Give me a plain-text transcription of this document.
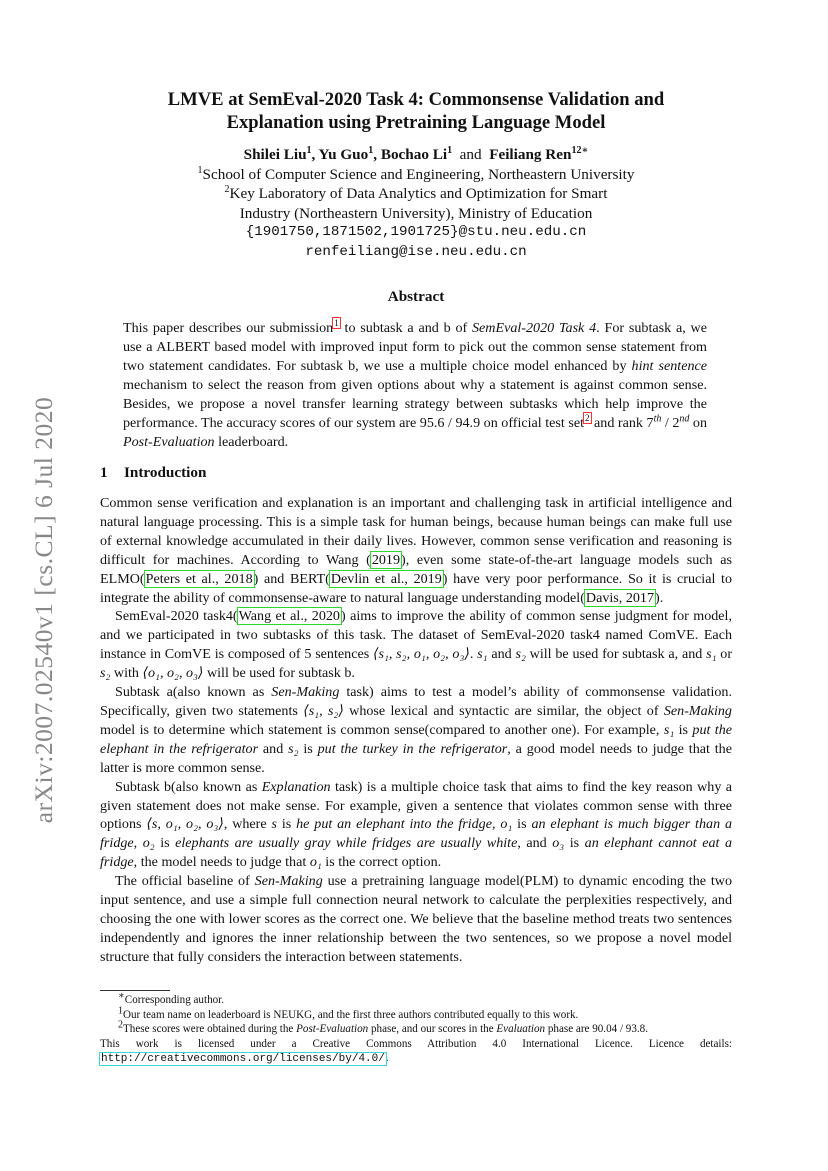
arXiv:2007.02540v1 [cs.CL] 6 Jul 2020
LMVE at SemEval-2020 Task 4: Commonsense Validation and
Explanation using Pretraining Language Model
Shilei Liu$^1$, Yu Guo$^1$, Bochao Li$^1$ and Feiliang Ren$^{12∗}$
$^1$School of Computer Science and Engineering, Northeastern University
$^2$Key Laboratory of Data Analytics and Optimization for Smart
Industry (Northeastern University), Ministry of Education
{1901750,1871502,1901725}@stu.neu.edu.cn
renfeiliang@ise.neu.edu.cn
Abstract
This paper describes our submission$^1$ to subtask a and b of SemEval-2020 Task 4. For subtask a, we use a ALBERT based model with improved input form to pick out the common sense statement from two statement candidates. For subtask b, we use a multiple choice model enhanced by hint sentence mechanism to select the reason from given options about why a statement is against common sense. Besides, we propose a novel transfer learning strategy between subtasks which help improve the performance. The accuracy scores of our system are 95.6 / 94.9 on official test set$^2$ and rank 7th / 2nd on Post-Evaluation leaderboard.
1 Introduction

Common sense verification and explanation is an important and challenging task in artificial intelligence and natural language processing. This is a simple task for human beings, because human beings can make full use of external knowledge accumulated in their daily lives. However, common sense verification and reasoning is difficult for machines. According to Wang (2019), even some state-of-the-art language models such as ELMO(Peters et al., 2018) and BERT(Devlin et al., 2019) have very poor performance. So it is crucial to integrate the ability of commonsense-aware to natural language understanding model(Davis, 2017).

SemEval-2020 task4(Wang et al., 2020) aims to improve the ability of common sense judgment for model, and we participated in two subtasks of this task. The dataset of SemEval-2020 task4 named ComVE. Each instance in ComVE is composed of 5 sentences ⟨s₁, s₂, o₁, o₂, o₃⟩. s₁ and s₂ will be used for subtask a, and s₁ or s₂ with ⟨o₁, o₂, o₃⟩ will be used for subtask b.

Subtask a(also known as Sen-Making task) aims to test a model’s ability of commonsense validation. Specifically, given two statements ⟨s₁, s₂⟩ whose lexical and syntactic are similar, the object of Sen-Making model is to determine which statement is common sense(compared to another one). For example, s₁ is put the elephant in the refrigerator and s₂ is put the turkey in the refrigerator, a good model needs to judge that the latter is more common sense.

Subtask b(also known as Explanation task) is a multiple choice task that aims to find the key reason why a given statement does not make sense. For example, given a sentence that violates common sense with three options ⟨s, o₁, o₂, o₃⟩, where s is he put an elephant into the fridge, o₁ is an elephant is much bigger than a fridge, o₂ is elephants are usually gray while fridges are usually white, and o₃ is an elephant cannot eat a fridge, the model needs to judge that o₁ is the correct option.

The official baseline of Sen-Making use a pretraining language model(PLM) to dynamic encoding the two input sentence, and use a simple full connection neural network to calculate the perplexities respectively, and choosing the one with lower scores as the correct one. We believe that the baseline method treats two sentences independently and ignores the inner relationship between the two sentences, so we propose a novel model structure that fully considers the interaction between statements.

∗Corresponding author.
$^1$Our team name on leaderboard is NEUKG, and the first three authors contributed equally to this work.
$^2$These scores were obtained during the Post-Evaluation phase, and our scores in the Evaluation phase are 90.04 / 93.8.
This work is licensed under a Creative Commons Attribution 4.0 International Licence. Licence details: http://creativecommons.org/licenses/by/4.0/.
